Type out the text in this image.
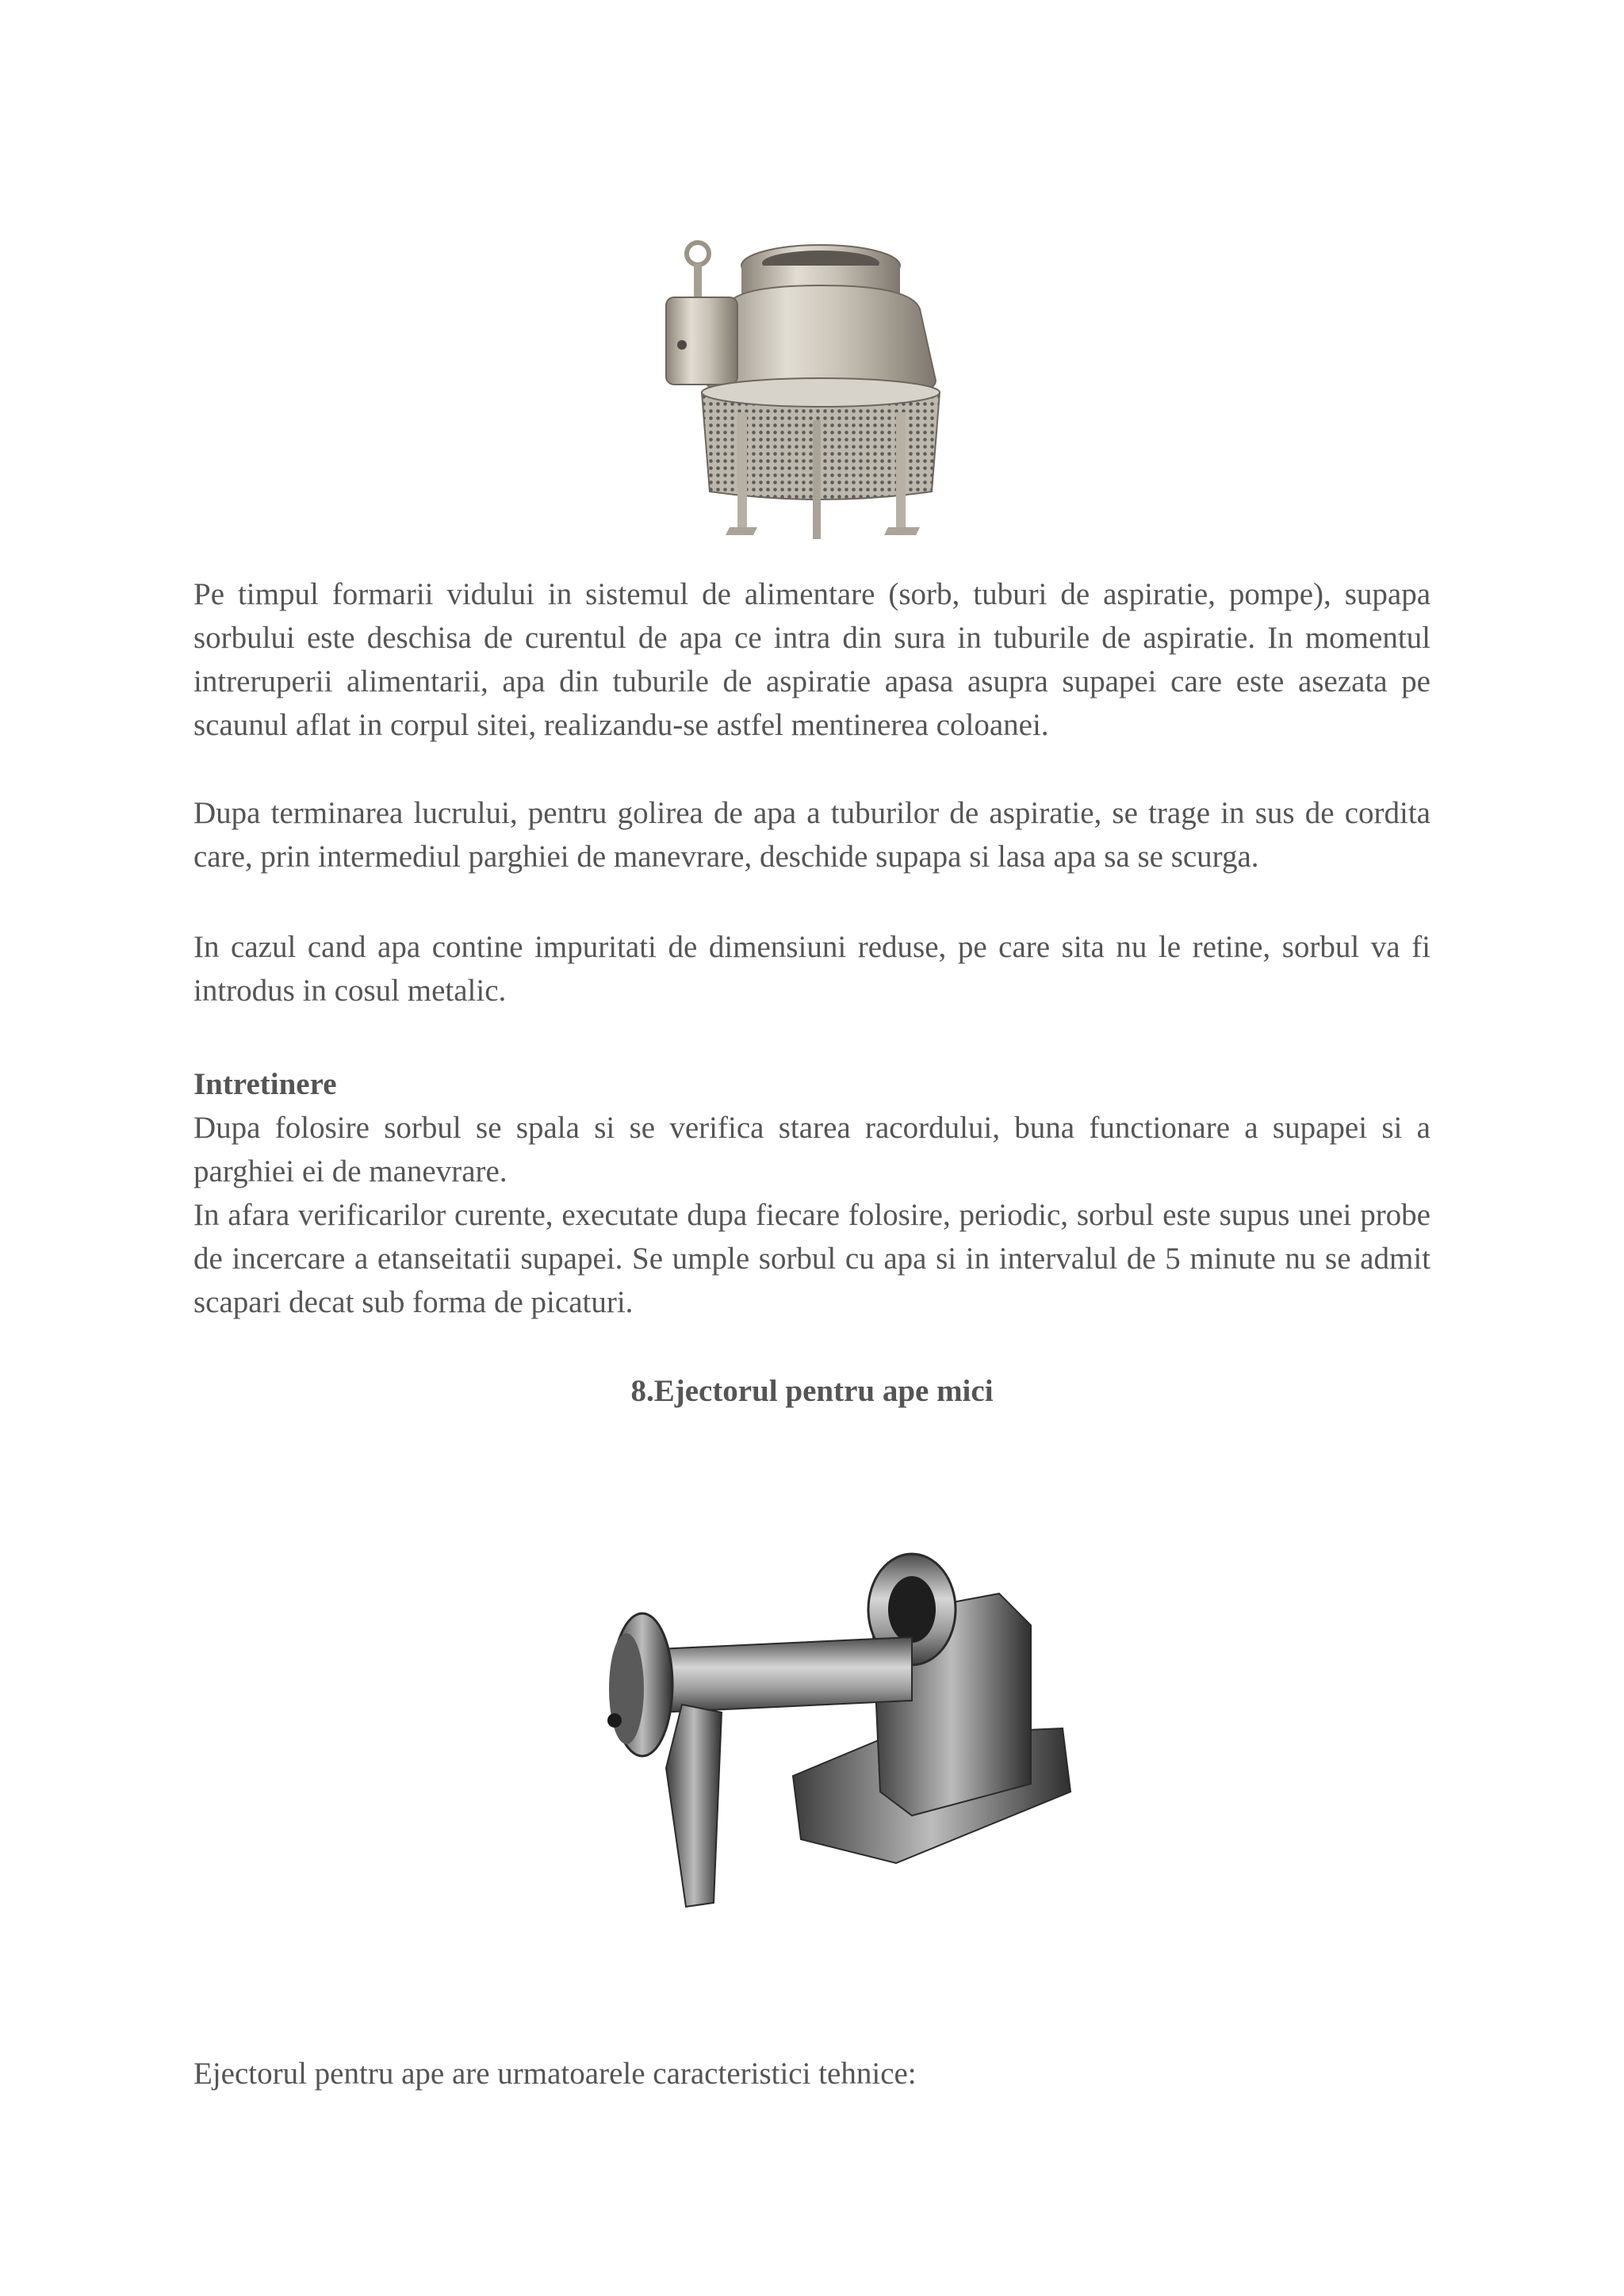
Pe timpul formarii vidului in sistemul de alimentare (sorb, tuburi de aspiratie, pompe), supapa sorbului este deschisa de curentul de apa ce intra din sura in tuburile de aspiratie. In momentul intreruperii alimentarii, apa din tuburile de aspiratie apasa asupra supapei care este asezata pe scaunul aflat in corpul sitei, realizandu-se astfel mentinerea coloanei.

Dupa terminarea lucrului, pentru golirea de apa a tuburilor de aspiratie, se trage in sus de cordita care, prin intermediul parghiei de manevrare, deschide supapa si lasa apa sa se scurga.

In cazul cand apa contine impuritati de dimensiuni reduse, pe care sita nu le retine, sorbul va fi introdus in cosul metalic.

Intretinere
Dupa folosire sorbul se spala si se verifica starea racordului, buna functionare a supapei si a parghiei ei de manevrare.
In afara verificarilor curente, executate dupa fiecare folosire, periodic, sorbul este supus unei probe de incercare a etanseitatii supapei. Se umple sorbul cu apa si in intervalul de 5 minute nu se admit scapari decat sub forma de picaturi.
8.Ejectorul pentru ape mici

Ejectorul pentru ape are urmatoarele caracteristici tehnice:
